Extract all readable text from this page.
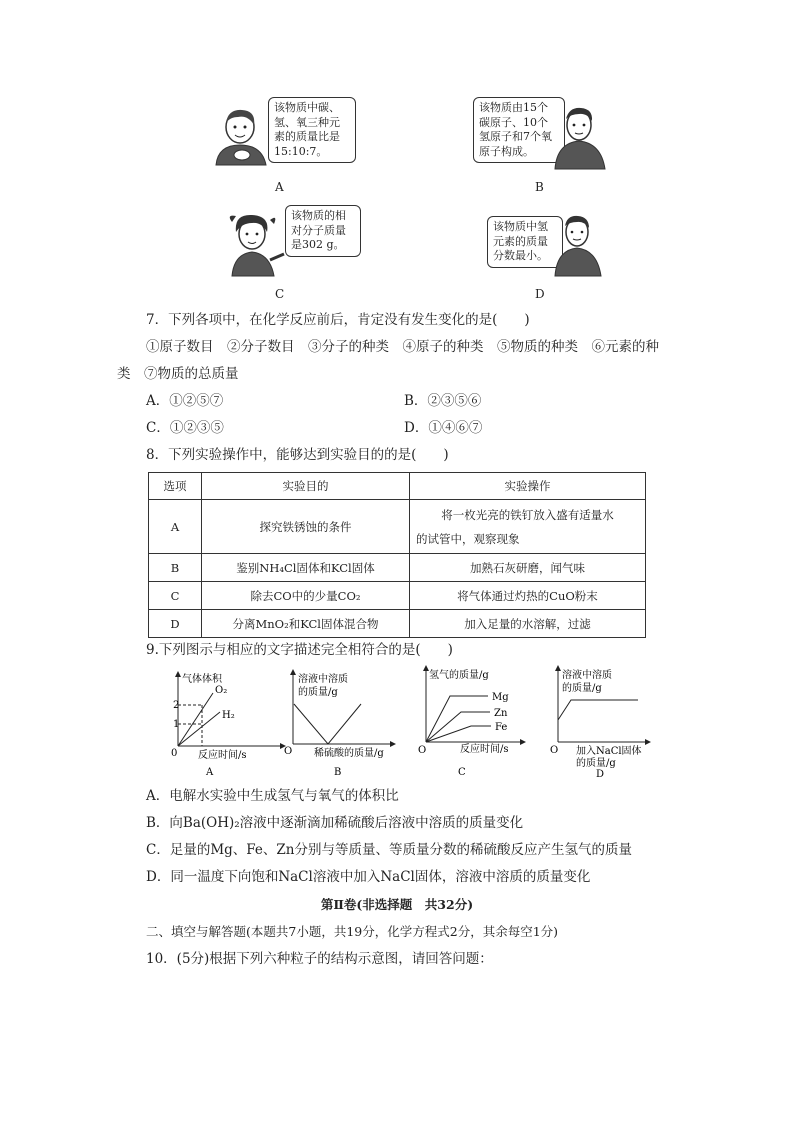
该物质中碳、
氢、氧三种元
素的质量比是
15:10:7。
A
该物质由15个
碳原子、10个
氢原子和7个氧
原子构成。
B
该物质的相
对分子质量
是302 g。
C
该物质中氢
元素的质量
分数最小。
D
7．下列各项中，在化学反应前后，肯定没有发生变化的是(　　)
①原子数目　②分子数目　③分子的种类　④原子的种类　⑤物质的种类　⑥元素的种
类　⑦物质的总质量
A．①②⑤⑦	B．②③⑤⑥
C．①②③⑤	D．①④⑥⑦
8．下列实验操作中，能够达到实验目的的是(　　)
选项	实验目的	实验操作
A	探究铁锈蚀的条件	将一枚光亮的铁钉放入盛有适量水
的试管中，观察现象

B	鉴别NH₄Cl固体和KCl固体	加熟石灰研磨，闻气味
C	除去CO中的少量CO₂	将气体通过灼热的CuO粉末
D	分离MnO₂和KCl固体混合物	加入足量的水溶解，过滤
9.下列图示与相应的文字描述完全相符合的是(　　)
气体体积
2
1
O₂
H₂
0 反应时间/s
A
溶液中溶质
的质量/g
O 稀硫酸的质量/g
B
氢气的质量/g
Mg
Zn
Fe
O	反应时间/s
C
溶液中溶质
的质量/g
O 加入NaCl固体
的质量/g
D
A．电解水实验中生成氢气与氧气的体积比
B．向Ba(OH)₂溶液中逐渐滴加稀硫酸后溶液中溶质的质量变化
C．足量的Mg、Fe、Zn分别与等质量、等质量分数的稀硫酸反应产生氢气的质量
D．同一温度下向饱和NaCl溶液中加入NaCl固体，溶液中溶质的质量变化
第Ⅱ卷(非选择题　共32分)
二、填空与解答题(本题共7小题，共19分，化学方程式2分，其余每空1分)
10．(5分)根据下列六种粒子的结构示意图，请回答问题：
